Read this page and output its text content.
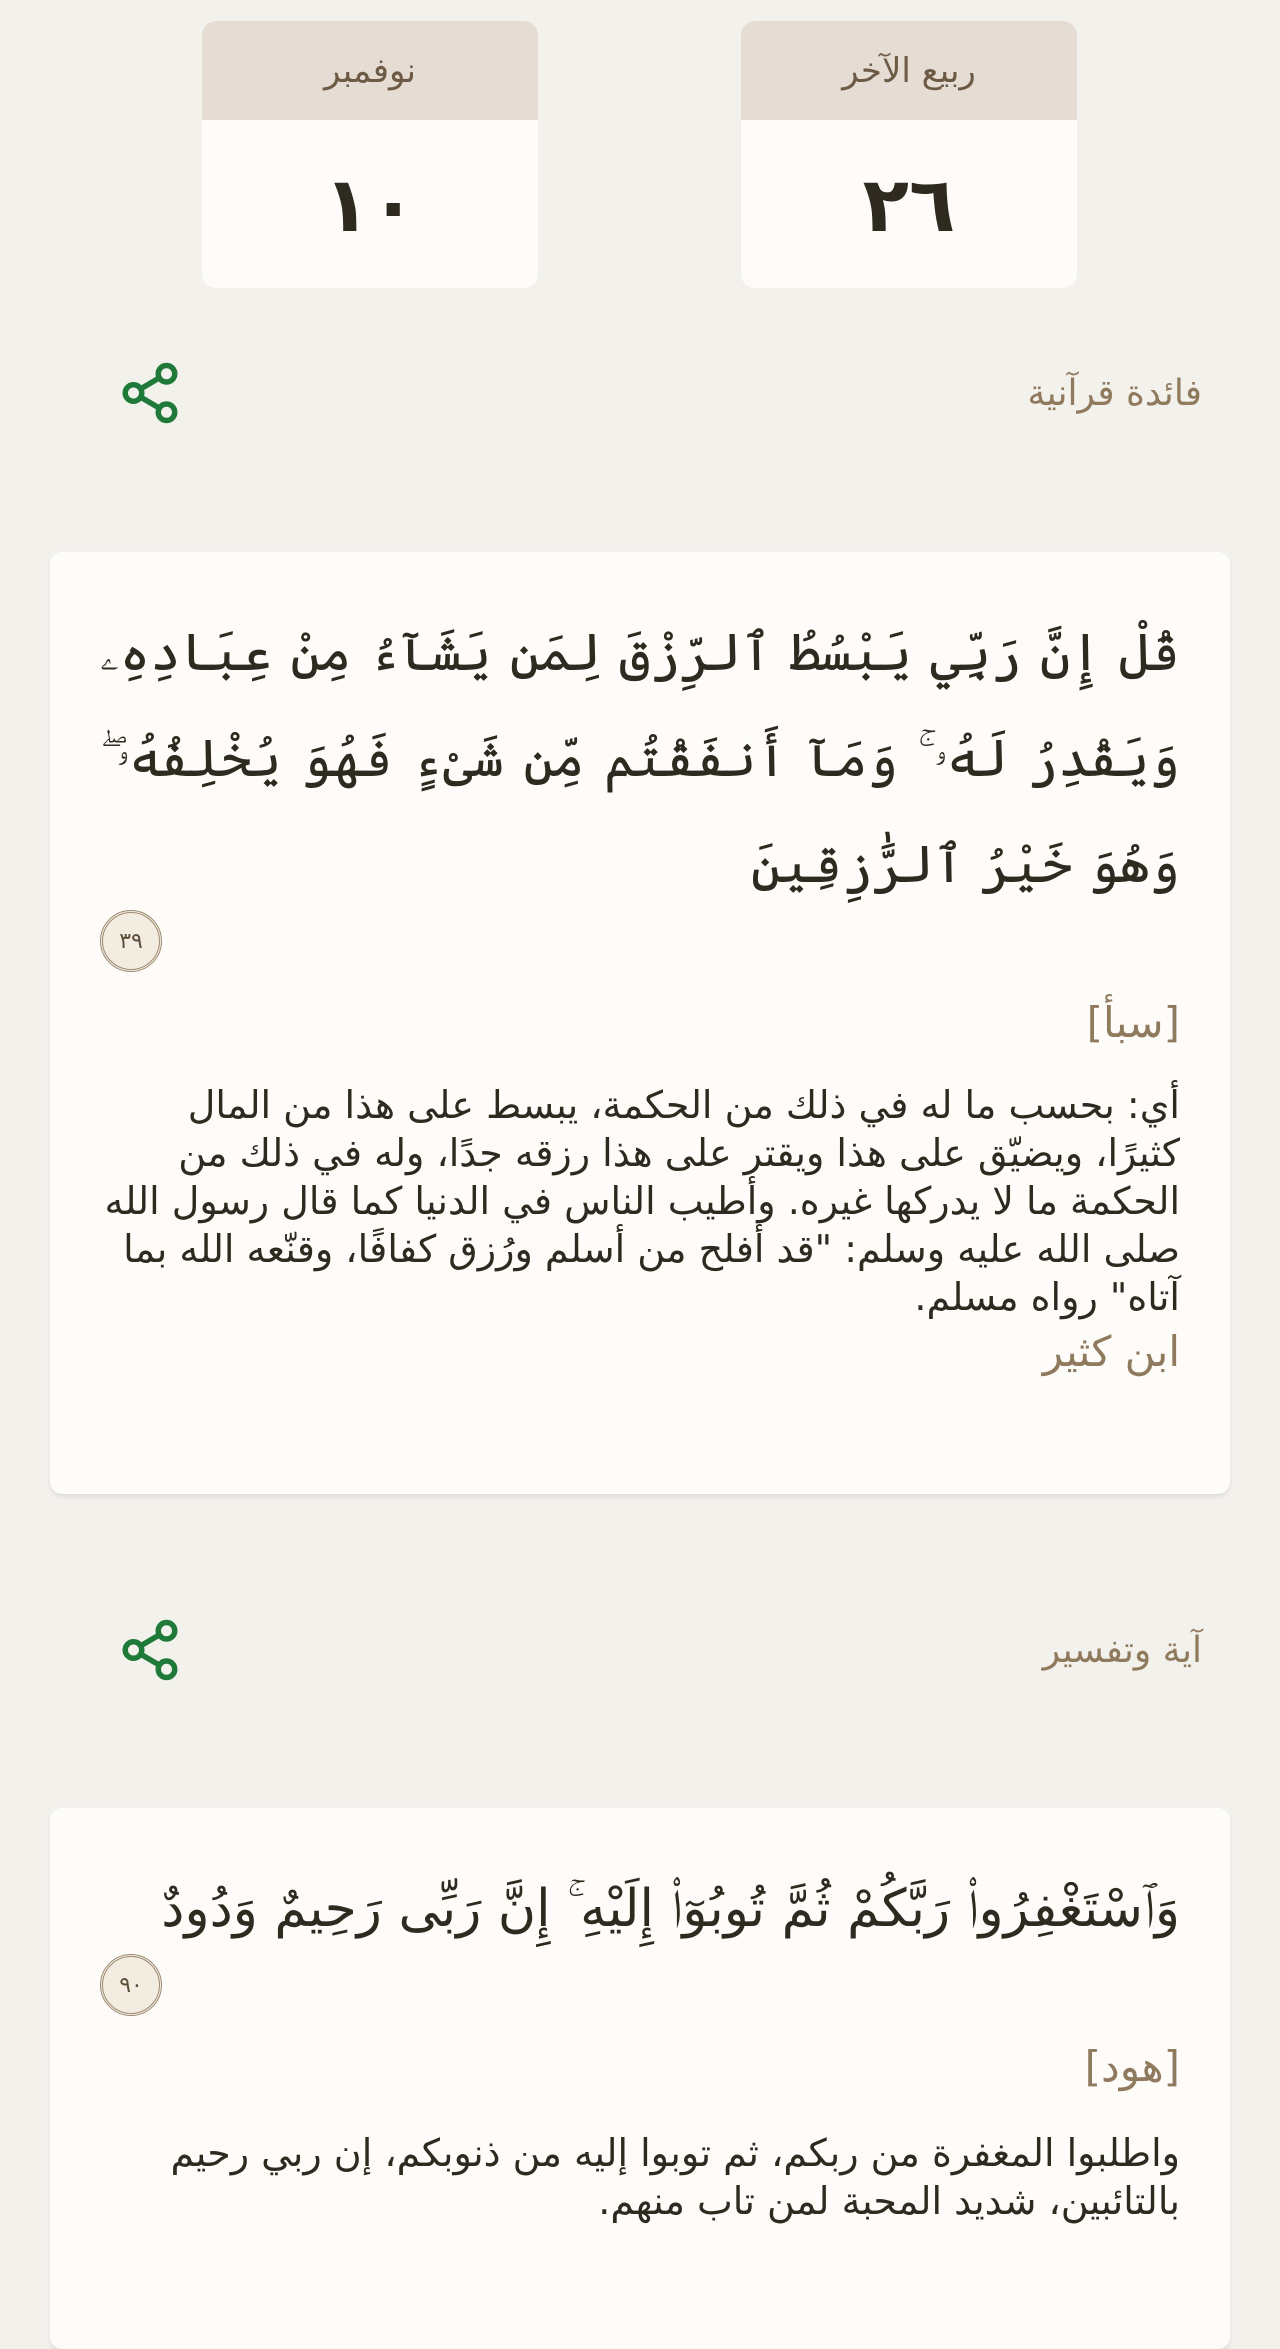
ربيع الآخر
٢٦
نوفمبر
١٠
فائدة قرآنية
قُلْ إِنَّ رَبِّي يَبْسُطُ ٱلرِّزْقَ لِمَن يَشَآءُ مِنْ عِبَادِهِۦ وَيَقْدِرُ لَهُۥ ۚ وَمَآ أَنفَقْتُم مِّن شَىْءٍ فَهُوَ يُخْلِفُهُۥ ۖ وَهُوَ خَيْرُ ٱلرَّٰزِقِينَ
٣٩
[سبأ]
أي: بحسب ما له في ذلك من الحكمة، يبسط على هذا من المال كثيرًا، ويضيّق على هذا ويقتر على هذا رزقه جدًا، وله في ذلك من الحكمة ما لا يدركها غيره. وأطيب الناس في الدنيا كما قال رسول الله صلى الله عليه وسلم: "قد أفلح من أسلم ورُزق كفافًا، وقنّعه الله بما آتاه" رواه مسلم.
ابن كثير
آية وتفسير
وَٱسْتَغْفِرُوا۟ رَبَّكُمْ ثُمَّ تُوبُوٓا۟ إِلَيْهِ ۚ إِنَّ رَبِّى رَحِيمٌ وَدُودٌ
٩٠
[هود]
واطلبوا المغفرة من ربكم، ثم توبوا إليه من ذنوبكم، إن ربي رحيم بالتائبين، شديد المحبة لمن تاب منهم.
